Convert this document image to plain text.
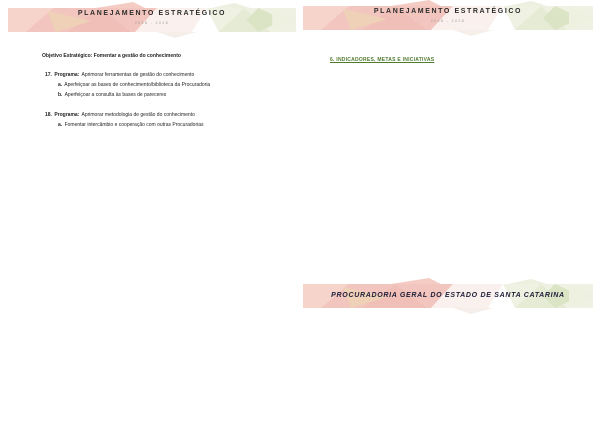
PLANEJAMENTO ESTRATÉGICO
2018 - 2028
Objetivo Estratégico: Fomentar a gestão do conhecimento
17. Programa: Aprimorar ferramentas de gestão do conhecimento
a. Aperfeiçoar as bases de conhecimento/biblioteca da Procuradoria
b. Aperfeiçoar a consulta às bases de pareceres
18. Programa: Aprimorar metodologia de gestão do conhecimento
a. Fomentar intercâmbio e cooperação com outras Procuradorias
PLANEJAMENTO ESTRATÉGICO
2018 - 2028
6. INDICADORES, METAS E INICIATIVAS
PROCURADORIA GERAL DO ESTADO DE SANTA CATARINA
